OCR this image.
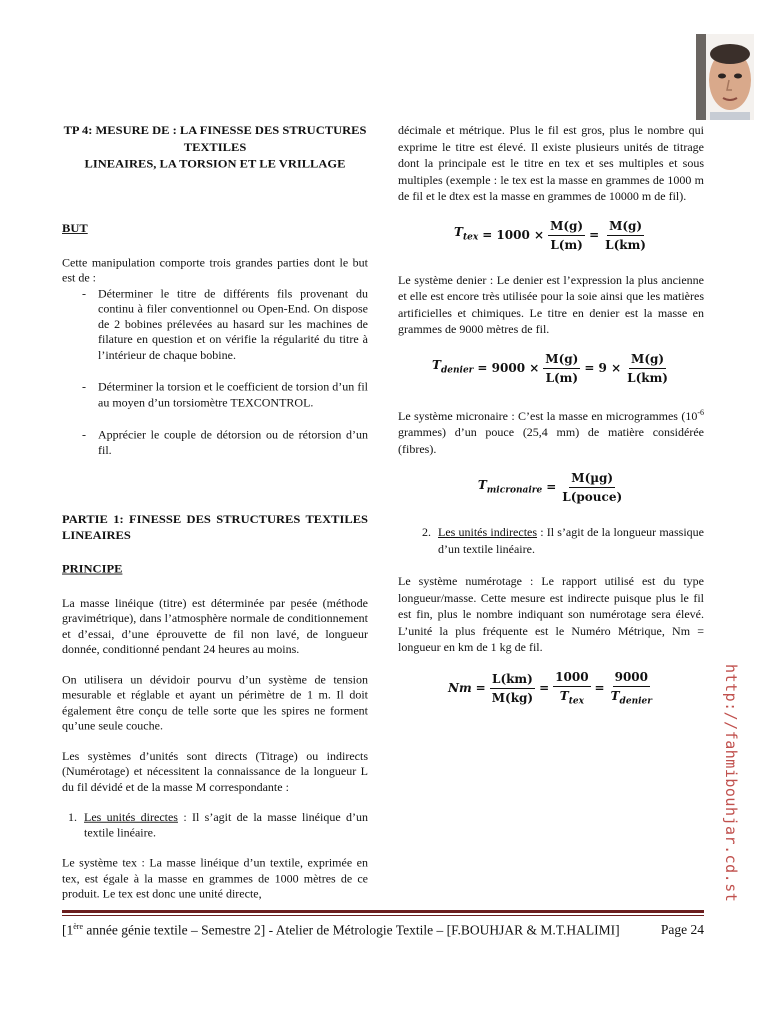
TP 4: MESURE DE : LA FINESSE DES STRUCTURES TEXTILES
LINEAIRES, LA TORSION ET LE VRILLAGE
BUT

Cette manipulation comporte trois grandes parties dont le but est de :

- Déterminer le titre de différents fils provenant du continu à filer conventionnel ou Open-End. On dispose de 2 bobines prélevées au hasard sur les machines de filature en question et on vérifie la régularité du titre à l’intérieur de chaque bobine.
- Déterminer la torsion et le coefficient de torsion d’un fil au moyen d’un torsiomètre TEXCONTROL.
- Apprécier le couple de détorsion ou de rétorsion d’un fil.
PARTIE 1: FINESSE DES STRUCTURES TEXTILES LINEAIRES
PRINCIPE

La masse linéique (titre) est déterminée par pesée (méthode gravimétrique), dans l’atmosphère normale de conditionnement et d’essai, d’une éprouvette de fil non lavé, de longueur donnée, conditionné pendant 24 heures au moins.

On utilisera un dévidoir pourvu d’un système de tension mesurable et réglable et ayant un périmètre de 1 m. Il doit également être conçu de telle sorte que les spires ne forment qu’une seule couche.

Les systèmes d’unités sont directs (Titrage) ou indirects (Numérotage) et nécessitent la connaissance de la longueur L du fil dévidé et de la masse M correspondante :

1. Les unités directes : Il s’agit de la masse linéique d’un textile linéaire.

Le système tex : La masse linéique d’un textile, exprimée en tex, est égale à la masse en grammes de 1000 mètres de ce produit. Le tex est donc une unité directe,

décimale et métrique. Plus le fil est gros, plus le nombre qui exprime le titre est élevé. Il existe plusieurs unités de titrage dont la principale est le titre en tex et ses multiples et sous multiples (exemple : le tex est la masse en grammes de 1000 m de fil et le dtex est la masse en grammes de 10000 m de fil).

$T_{tex} = 1000 \times \frac{M(g)}{L(m)} = \frac{M(g)}{L(km)}$

Le système denier : Le denier est l’expression la plus ancienne et elle est encore très utilisée pour la soie ainsi que les matières artificielles et chimiques. Le titre en denier est la masse en grammes de 9000 mètres de fil.

$T_{denier} = 9000 \times \frac{M(g)}{L(m)} = 9 \times \frac{M(g)}{L(km)}$

Le système micronaire : C’est la masse en microgrammes ($10^{-6}$ grammes) d’un pouce (25,4 mm) de matière considérée (fibres).

$T_{micronaire} = \frac{\text{M(µg)}}{\text{L(pouce)}}$
2. Les unités indirectes : Il s’agit de la longueur massique d’un textile linéaire.

Le système numérotage : Le rapport utilisé est du type longueur/masse. Cette mesure est indirecte puisque plus le fil est fin, plus le nombre indiquant son numérotage sera élevé. L’unité la plus fréquente est le Numéro Métrique, Nm = longueur en km de 1 kg de fil.

$Nm = \frac{L(km)}{M(kg)} = \frac{1000}{T_{tex}} = \frac{9000}{T_{denier}}$
[1ère année génie textile – Semestre 2] - Atelier de Métrologie Textile – [F.BOUHJAR & M.T.HALIMI]	Page 24
http://fahmibouhjar.cd.st
